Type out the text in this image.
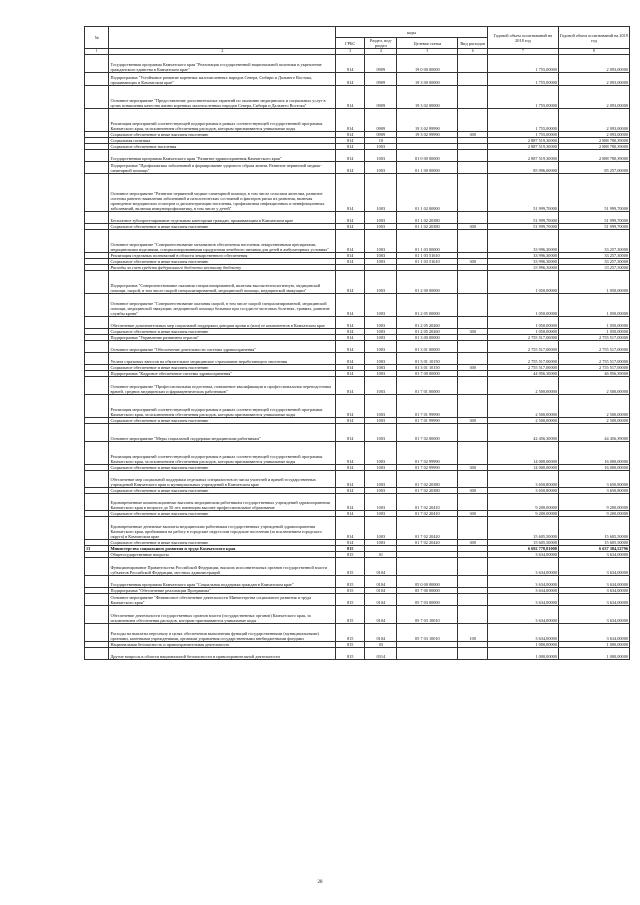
№		коды				Годовой объем ассигнований на 2018 год	Годовой объем ассигнований на 2019 год
		ГРБС	Раздел, под-раздел	Целевая статья	Вид расходов		
1	2	3	4	5	6	7	8
	Государственная программа Камчатского края "Реализация государственной национальной политики и укрепление гражданского единства в Камчатском крае"	814	0909	19 0 00 00000		1 755,00000	2 093,00000
	Подпрограмма "Устойчивое развитие коренных малочисленных народов Севера, Сибири и Дальнего Востока, проживающих в Камчатском крае"	814	0909	19 3 00 00000		1 755,00000	2 093,00000
	Основное мероприятие "Предоставление дополнительных гарантий по оказанию медицинских и социальных услуг в целях повышения качества жизни коренных малочисленных народов Севера, Сибири и Дальнего Востока"	814	0909	19 3 02 00000		1 755,00000	2 093,00000
	Реализация мероприятий соответствующей подпрограммы в рамках соответствующей государственной программы Камчатского края, за исключением обеспечения расходов, которым присваиваются уникальные коды	814	0909	19 3 02 99990		1 755,00000	2 093,00000
	Социальное обеспечение и иные выплаты населению	814	0909	19 3 02 99990	300	1 755,00000	2 093,00000
	Социальная политика	814	10			2 887 519,30000	2 888 780,39000
	Социальное обеспечение населения	814	1003			2 887 519,30000	2 888 780,39000
	Государственная программа Камчатского края "Развитие здравоохранения Камчатского края"	814	1003	01 0 00 00000		2 887 519,30000	2 888 780,39000
	Подпрограмма "Профилактика заболеваний и формирование здорового образа жизни. Развитие первичной медико-санитарной помощи"	814	1003	01 1 00 00000		85 996,00000	85 257,00000
	Основное мероприятие "Развитие первичной медико-санитарной помощи, в том числе сельским жителям, развитие системы раннего выявления заболеваний и патологических состояний и факторов риска их развития, включая проведение медицинских осмотров и диспансеризации населения, профилактика инфекционных и неинфекционных заболеваний, включая иммунопрофилактику, в том числе у детей"	814	1003	01 1 02 00000		51 999,70000	51 999,70000
	Бесплатное зубопротезирование отдельным категориям граждан, проживающим в Камчатском крае	814	1003	01 1 02 20380		51 999,70000	51 999,70000
	Социальное обеспечение и иные выплаты населению	814	1003	01 1 02 20380	300	51 999,70000	51 999,70000
	Основное мероприятие "Совершенствование механизмов обеспечения населения лекарственными препаратами, медицинскими изделиями, специализированными продуктами лечебного питания для детей в амбулаторных условиях"	814	1003	01 1 03 00000		33 996,30000	33 257,30000
	Реализация отдельных полномочий в области лекарственного обеспечения	814	1003	01 1 03 51610		33 996,30000	33 257,30000
	Социальное обеспечение и иные выплаты населению	814	1003	01 1 03 51610	300	33 996,30000	33 257,30000
	Расходы за счет средств федерального бюджета местному бюджету					33 996,30000	33 257,30000
	Подпрограмма "Совершенствование оказания специализированной, включая высокотехнологичную, медицинской помощи, скорой, в том числе скорой специализированной, медицинской помощи, медицинской эвакуации"	814	1003	01 2 00 00000		1 050,00000	1 050,00000
	Основное мероприятие "Совершенствование оказания скорой, в том числе скорой специализированной, медицинской помощи, медицинской эвакуации, медицинской помощи больным при сосудисто-мозговых болезнях, травмах, развитие службы крови"	814	1003	01 2 05 00000		1 050,00000	1 050,00000
	Обеспечение дополнительных мер социальной поддержки донорам крови и (или) ее компонентов в Камчатском крае	814	1003	01 2 05 20260		1 050,00000	1 050,00000
	Социальное обеспечение и иные выплаты населению	814	1003	01 2 05 20260	300	1 050,00000	1 050,00000
	Подпрограмма "Управление развитием отрасли"	814	1003	01 3 00 00000		2 755 517,00000	2 755 517,00000
	Основное мероприятие "Обеспечение деятельности системы здравоохранения"	814	1003	01 3 01 00000		2 755 517,00000	2 755 517,00000
	Уплата страховых взносов на обязательное медицинское страхование неработающего населения	814	1003	01 3 01 10150		2 755 517,00000	2 755 517,00000
	Социальное обеспечение и иные выплаты населению	814	1003	01 3 01 10150	300	2 755 517,00000	2 755 517,00000
	Подпрограмма "Кадровое обеспечение системы здравоохранения"	814	1003	01 7 00 00000		44 956,30000	46 956,39000
	Основное мероприятие "Профессиональная подготовка, повышение квалификации и профессиональная переподготовка врачей, средних медицинских и фармацевтических работников"	814	1003	01 7 01 00000		2 500,00000	2 500,00000
	Реализация мероприятий соответствующей подпрограммы в рамках соответствующей государственной программы Камчатского края, за исключением обеспечения расходов, которым присваиваются уникальные коды	814	1003	01 7 01 99990		2 500,00000	2 500,00000
	Социальное обеспечение и иные выплаты населению	814	1003	01 7 01 99990	300	2 500,00000	2 500,00000
	Основное мероприятие "Меры социальной поддержки медицинским работникам"	814	1003	01 7 02 00000		42 456,30000	44 456,39000
	Реализация мероприятий соответствующей подпрограммы в рамках соответствующей государственной программы Камчатского края, за исключением обеспечения расходов, которым присваиваются уникальные коды	814	1003	01 7 02 99990		14 000,00000	16 000,00000
	Социальное обеспечение и иные выплаты населению	814	1003	01 7 02 99990	300	14 000,00000	16 000,00000
	Обеспечение мер социальной поддержки отдельных специалистов из числа учителей и врачей государственных учреждений Камчатского края и муниципальных учреждений в Камчатском крае	814	1003	01 7 02 20380		3 650,80000	3 650,80000
	Социальное обеспечение и иные выплаты населению	814	1003	01 7 02 20380	300	3 650,80000	3 650,80000
	Единовременные компенсационные выплаты медицинским работникам государственных учреждений здравоохранения Камчатского края в возрасте до 50 лет, имеющим высшее профессиональное образование	814	1003	01 7 02 20410		9 200,00000	9 200,00000
	Социальное обеспечение и иные выплаты населению	814	1003	01 7 02 20410	300	9 200,00000	9 200,00000
	Единовременные денежные выплаты медицинским работникам государственных учреждений здравоохранения Камчатского края, прибывшим на работу в городские округа или городские поселения (за исключением городского округа) в Камчатском крае	814	1003	01 7 02 20420		15 605,50000	15 605,50000
	Социальное обеспечение и иные выплаты населению	814	1003	01 7 02 20420	300	15 605,50000	15 605,50000
13	Министерство социального развития и труда Камчатского края	815				6 692 778,81000	6 637 384,52796
	Общегосударственные вопросы	815	01			3 634,00000	3 634,00000
	Функционирование Правительства Российской Федерации, высших исполнительных органов государственной власти субъектов Российской Федерации, местных администраций	815	0104			3 634,00000	3 634,00000
	Государственная программа Камчатского края "Социальная поддержка граждан в Камчатском крае"	815	0104	05 0 00 00000		3 634,00000	3 634,00000
	Подпрограмма "Обеспечение реализации Программы"	815	0104	05 7 00 00000		3 634,00000	3 634,00000
	Основное мероприятие "Финансовое обеспечение деятельности Министерства социального развития и труда Камчатского края"	815	0104	05 7 03 00000		3 634,00000	3 634,00000
	Обеспечение деятельности государственных органов власти (государственных органов) Камчатского края, за исключением обеспечения расходов, которым присваиваются уникальные коды	815	0104	05 7 03 10010		3 634,00000	3 634,00000
	Расходы на выплаты персоналу в целях обеспечения выполнения функций государственными (муниципальными) органами, казенными учреждениями, органами управления государственными внебюджетными фондами	815	0104	05 7 03 10010	100	3 634,00000	3 634,00000
	Национальная безопасность и правоохранительная деятельность	815	03			1 000,00000	1 000,00000
	Другие вопросы в области национальной безопасности и правоохранительной деятельности	815	0314			1 000,00000	1 000,00000
28
